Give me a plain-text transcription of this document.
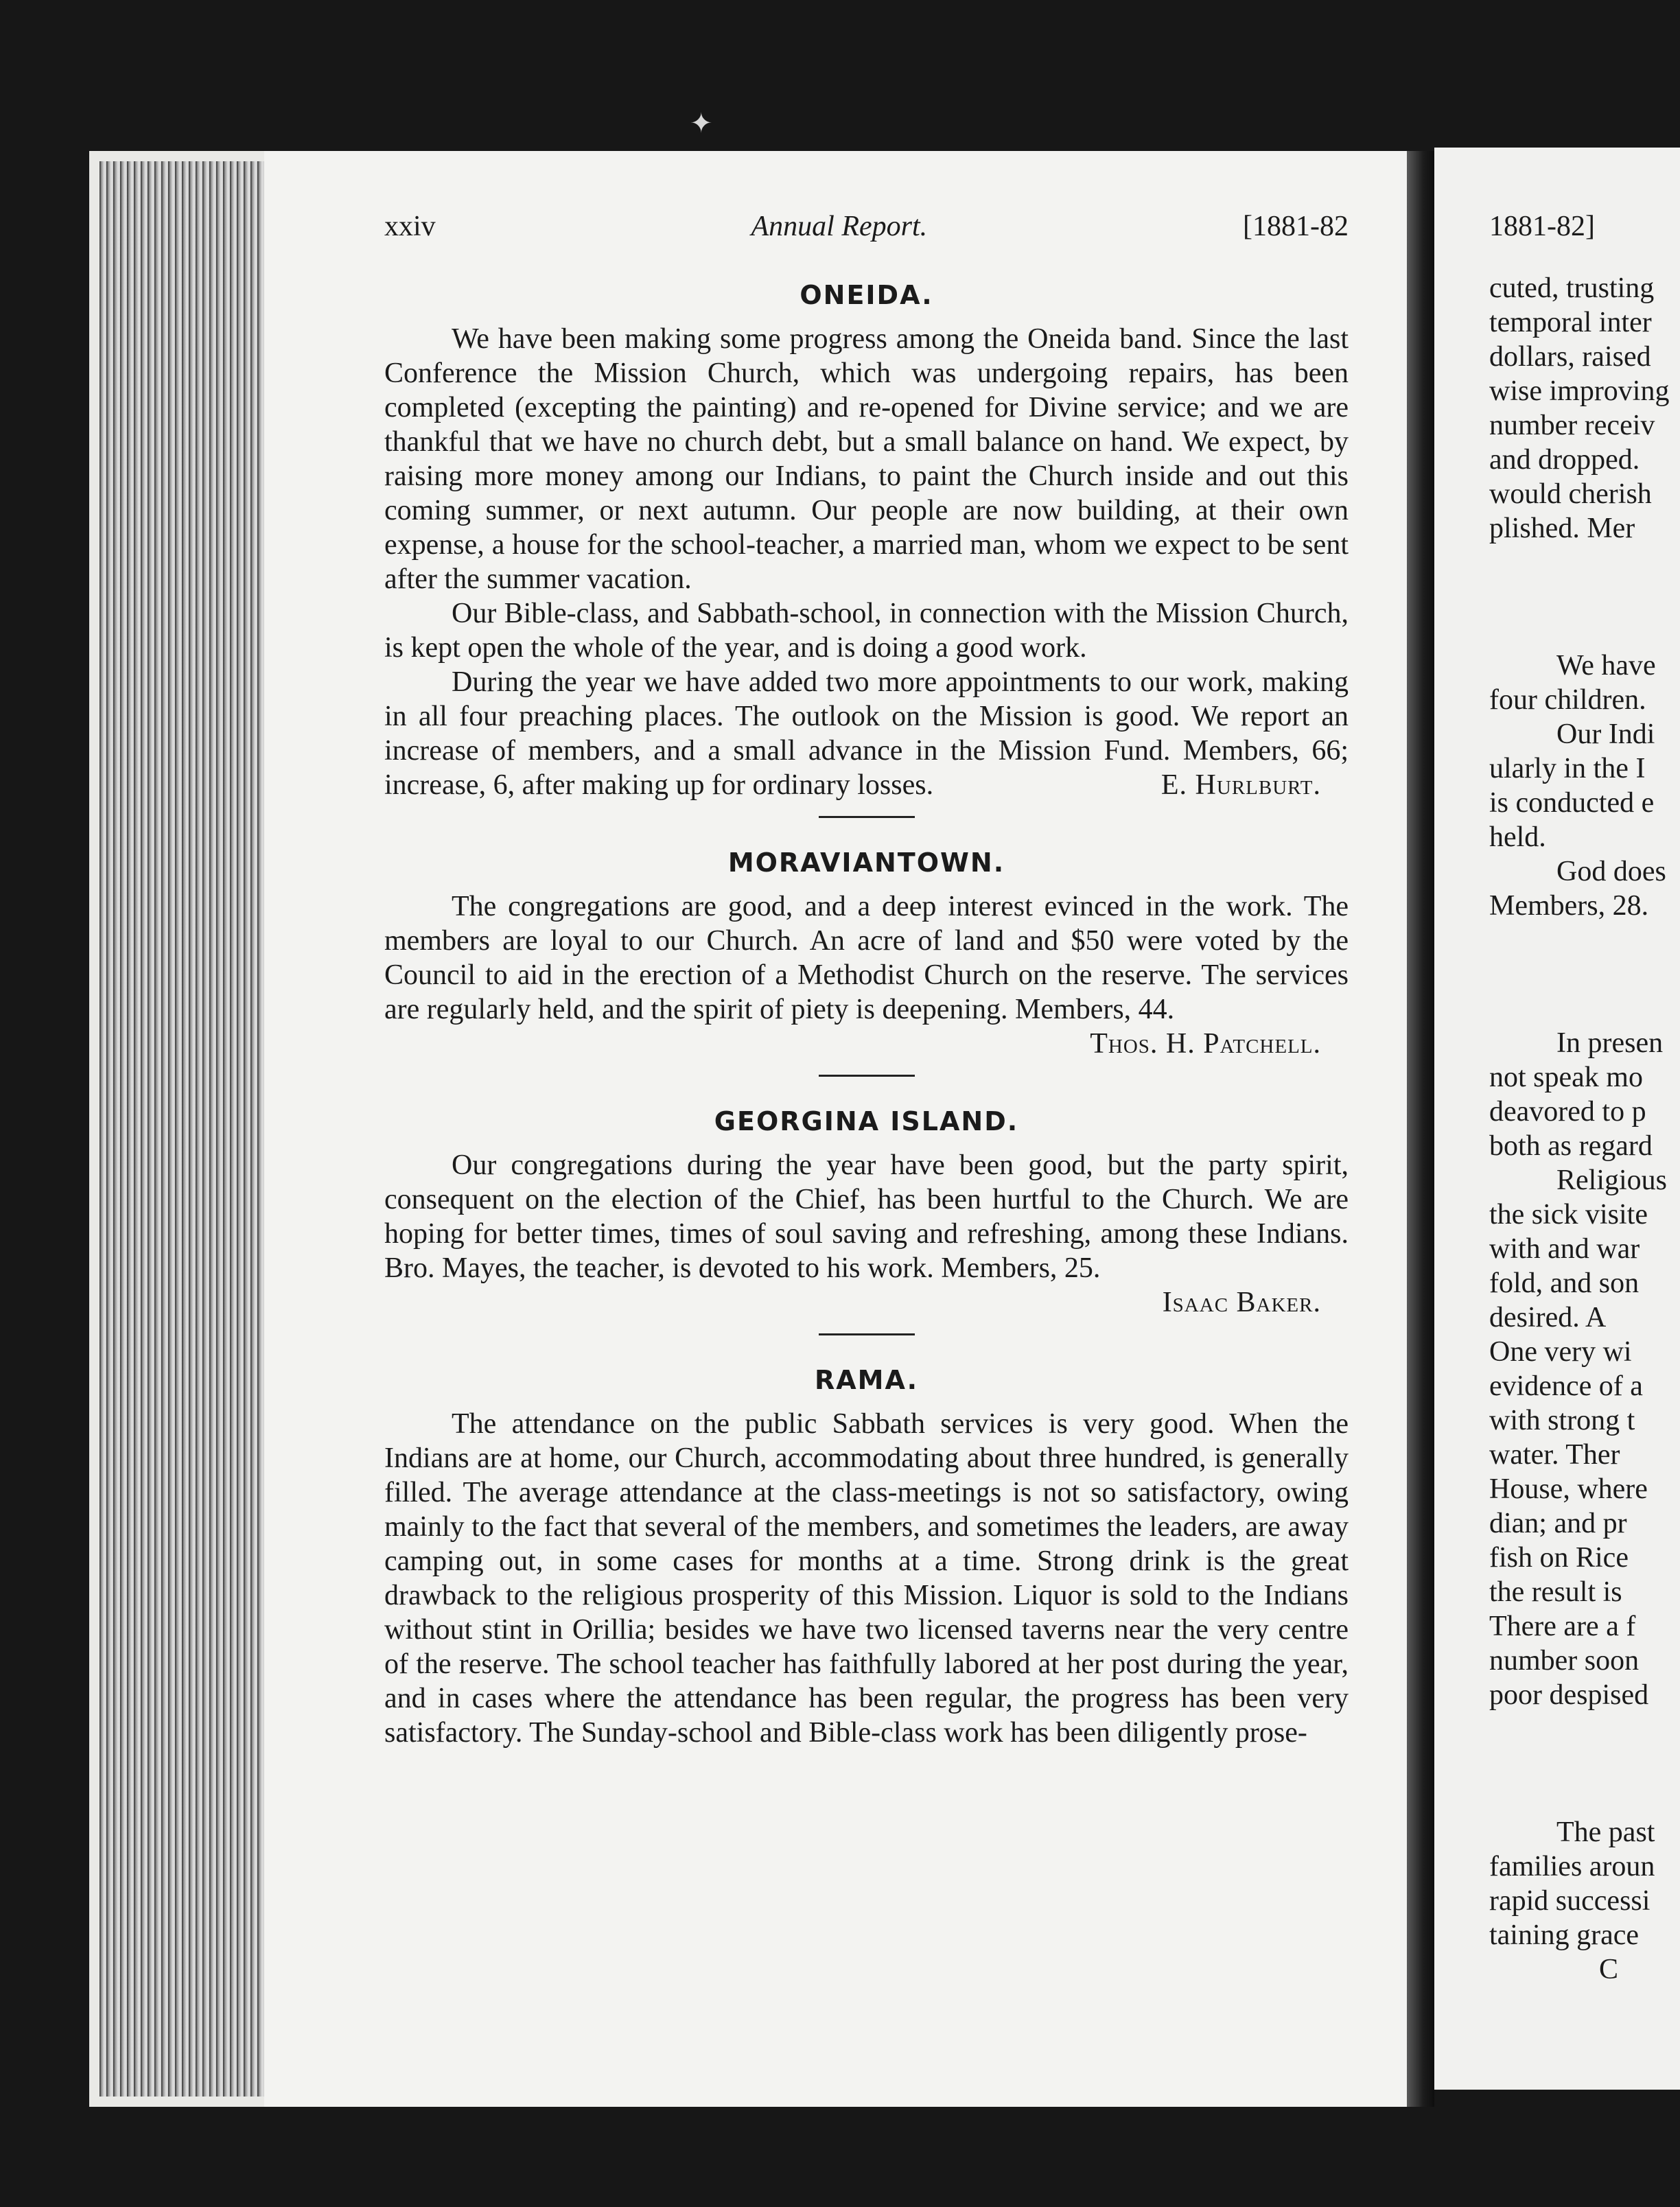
1881-82]
cuted, trusting
temporal inter
dollars, raised
wise improving
number receiv
and dropped.
would cherish
plished. Mer
We have
four children.
Our Indi
ularly in the I
is conducted e
held.
God does
Members, 28.
In presen
not speak mo
deavored to p
both as regard
Religious
the sick visite
with and war
fold, and son
desired. A
One very wi
evidence of a
with strong t
water. Ther
House, where
dian; and pr
fish on Rice
the result is
There are a f
number soon
poor despised
The past
families aroun
rapid successi
taining grace
C
✦
xxiv	Annual Report.	[1881-82
ONEIDA.

We have been making some progress among the Oneida band. Since the last Conference the Mission Church, which was undergoing repairs, has been completed (excepting the painting) and re-opened for Divine service; and we are thankful that we have no church debt, but a small balance on hand. We expect, by raising more money among our Indians, to paint the Church inside and out this coming summer, or next autumn. Our people are now building, at their own expense, a house for the school-teacher, a married man, whom we expect to be sent after the summer vacation.

Our Bible-class, and Sabbath-school, in connection with the Mission Church, is kept open the whole of the year, and is doing a good work.

During the year we have added two more appointments to our work, making in all four preaching places. The outlook on the Mission is good. We report an increase of members, and a small advance in the Mission Fund. Members, 66; increase, 6, after making up for ordinary losses.	E. Hurlburt.

MORAVIANTOWN.

The congregations are good, and a deep interest evinced in the work. The members are loyal to our Church. An acre of land and $50 were voted by the Council to aid in the erection of a Methodist Church on the reserve. The services are regularly held, and the spirit of piety is deepening. Members, 44.
Thos. H. Patchell.

GEORGINA ISLAND.

Our congregations during the year have been good, but the party spirit, consequent on the election of the Chief, has been hurtful to the Church. We are hoping for better times, times of soul saving and refreshing, among these Indians. Bro. Mayes, the teacher, is devoted to his work. Members, 25.
Isaac Baker.

RAMA.

The attendance on the public Sabbath services is very good. When the Indians are at home, our Church, accommodating about three hundred, is generally filled. The average attendance at the class-meetings is not so satisfactory, owing mainly to the fact that several of the members, and sometimes the leaders, are away camping out, in some cases for months at a time. Strong drink is the great drawback to the religious prosperity of this Mission. Liquor is sold to the Indians without stint in Orillia; besides we have two licensed taverns near the very centre of the reserve. The school teacher has faithfully labored at her post during the year, and in cases where the attendance has been regular, the progress has been very satisfactory. The Sunday-school and Bible-class work has been diligently prose-
